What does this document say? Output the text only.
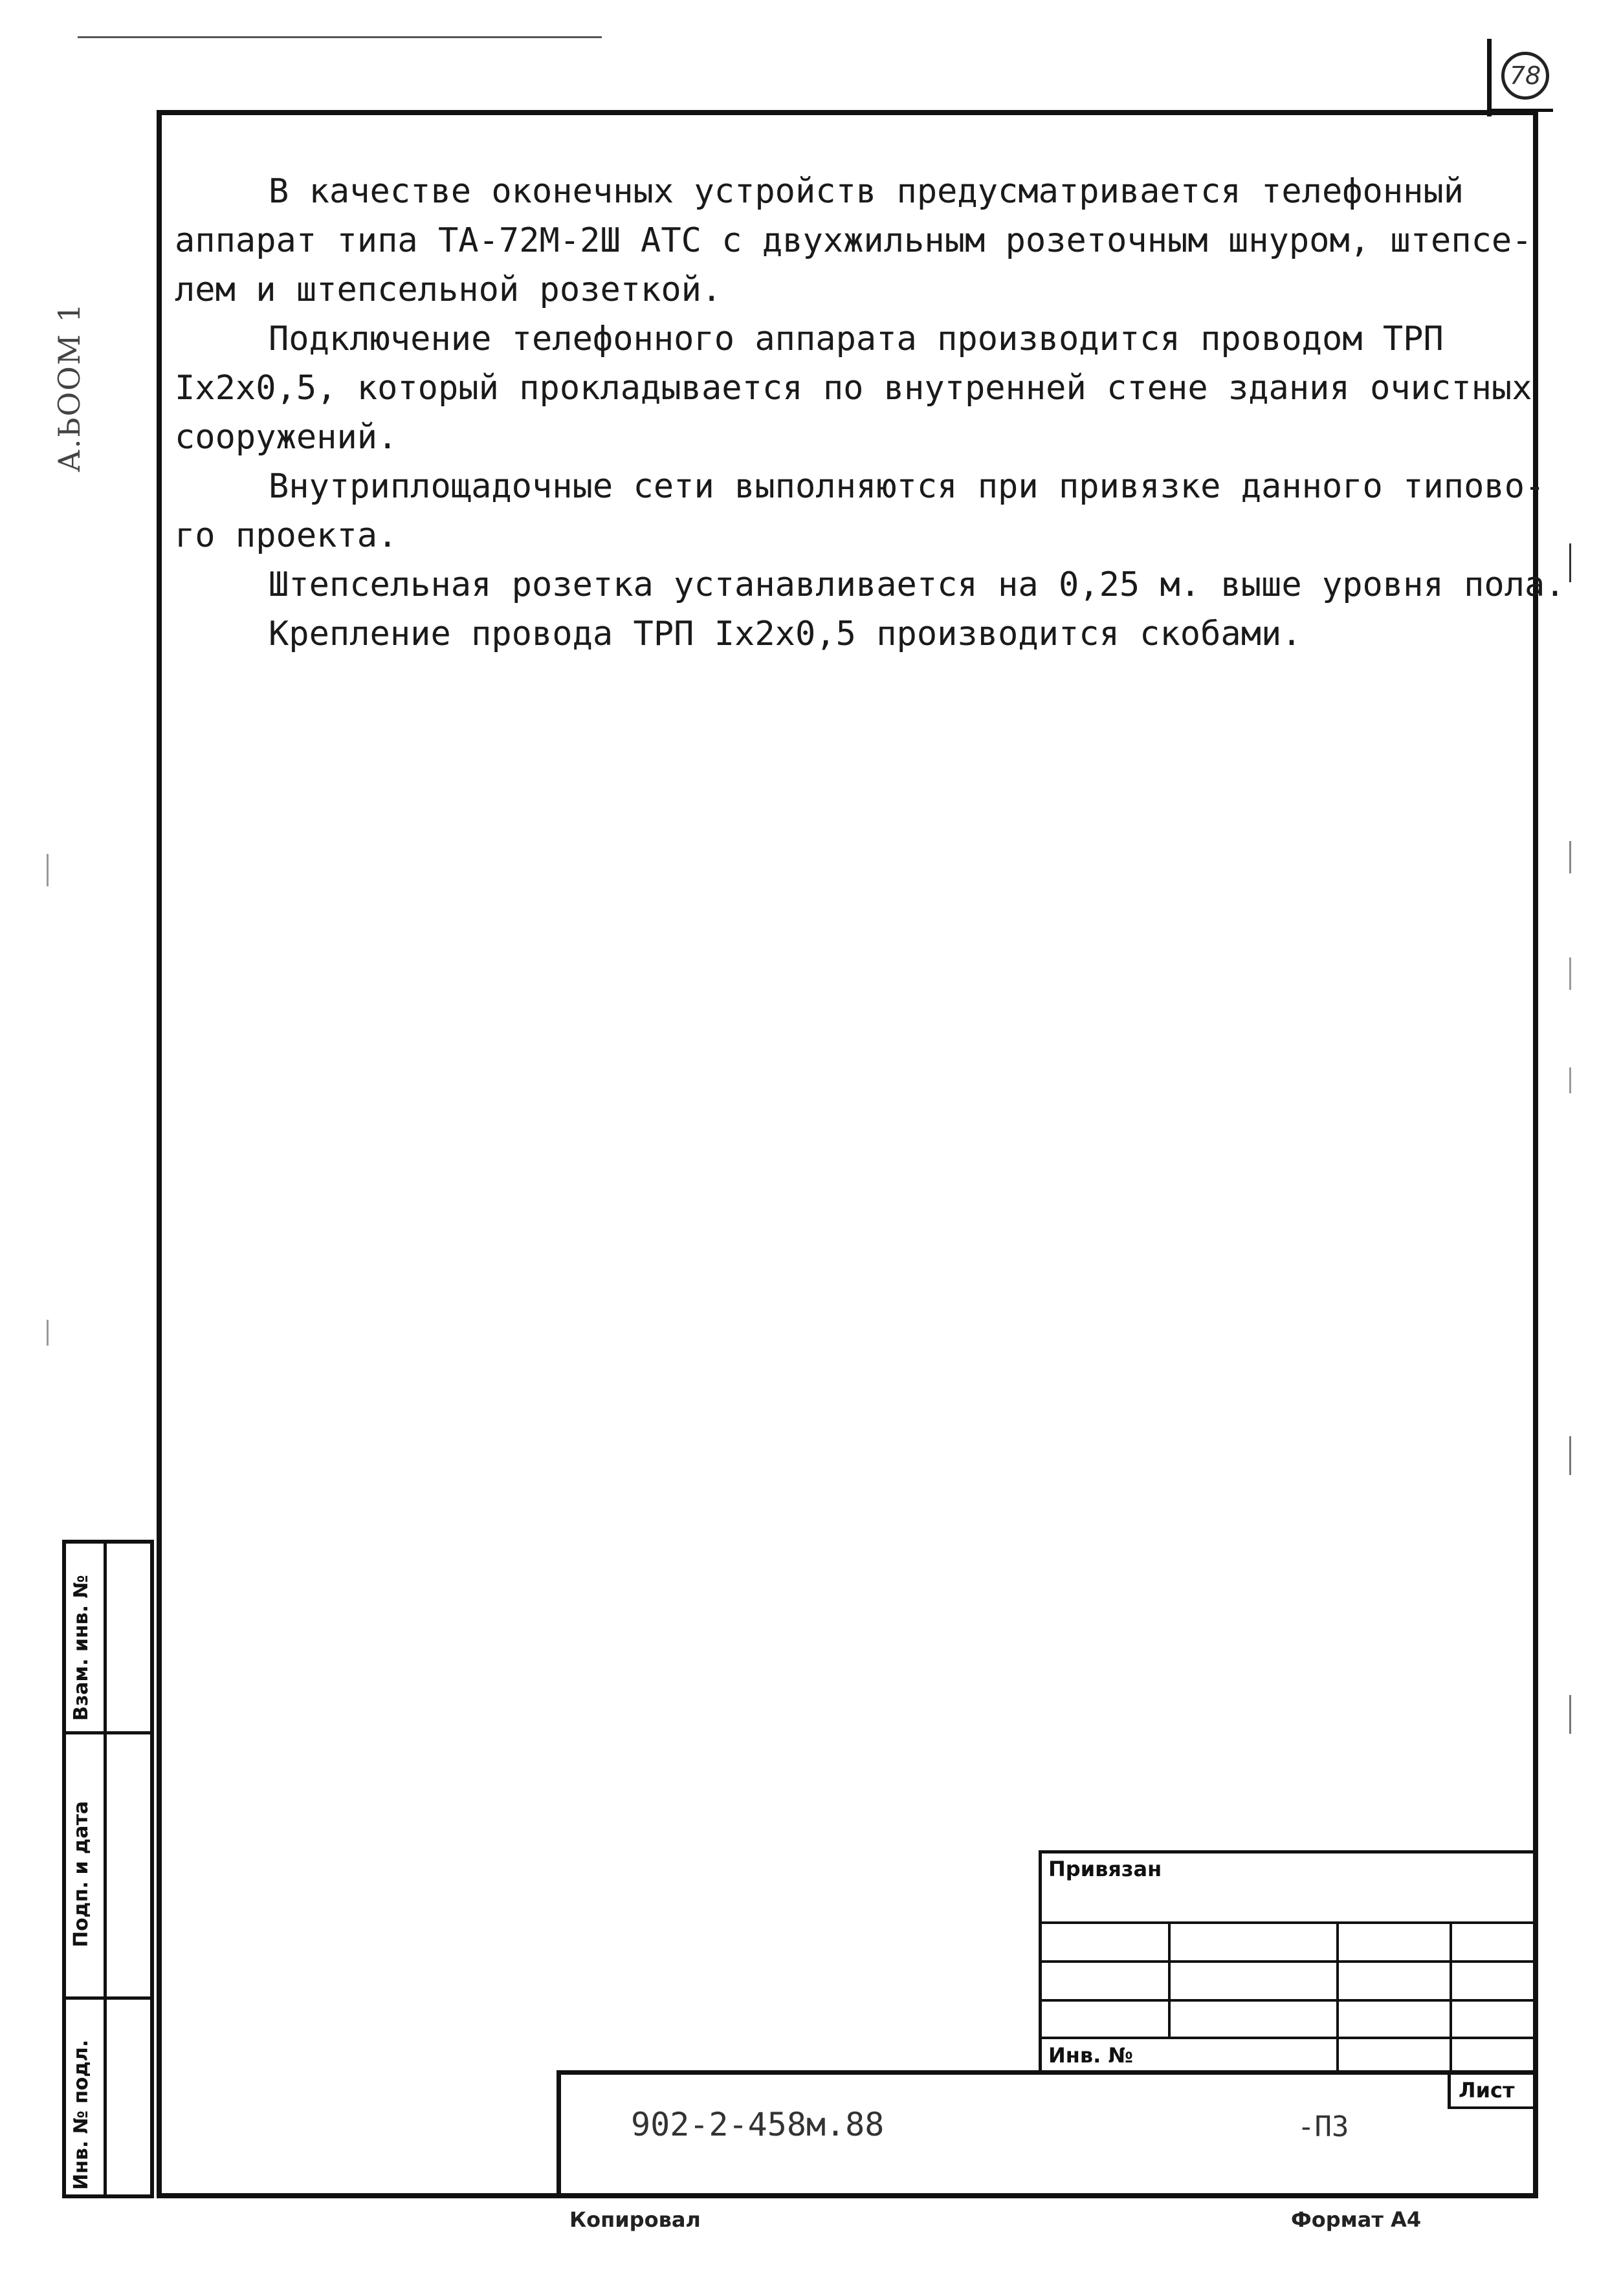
78
А.ЬООМ 1

В качестве оконечных устройств предусматривается телефонный
аппарат типа ТА-72М-2Ш АТС с двухжильным розеточным шнуром, штепсе-
лем и штепсельной розеткой.

Подключение телефонного аппарата производится проводом ТРП
Iх2х0,5, который прокладывается по внутренней стене здания очистных
сооружений.

Внутриплощадочные сети выполняются при привязке данного типово-
го проекта.

Штепсельная розетка устанавливается на 0,25 м. выше уровня пола.

Крепление провода ТРП Iх2х0,5 производится скобами.

Взам. инв. №
Подп. и дата
Инв. № подл.
Привязан
Инв. №
902-2-458м.88	-ПЗ
Лист
Копировал	Формат А4
